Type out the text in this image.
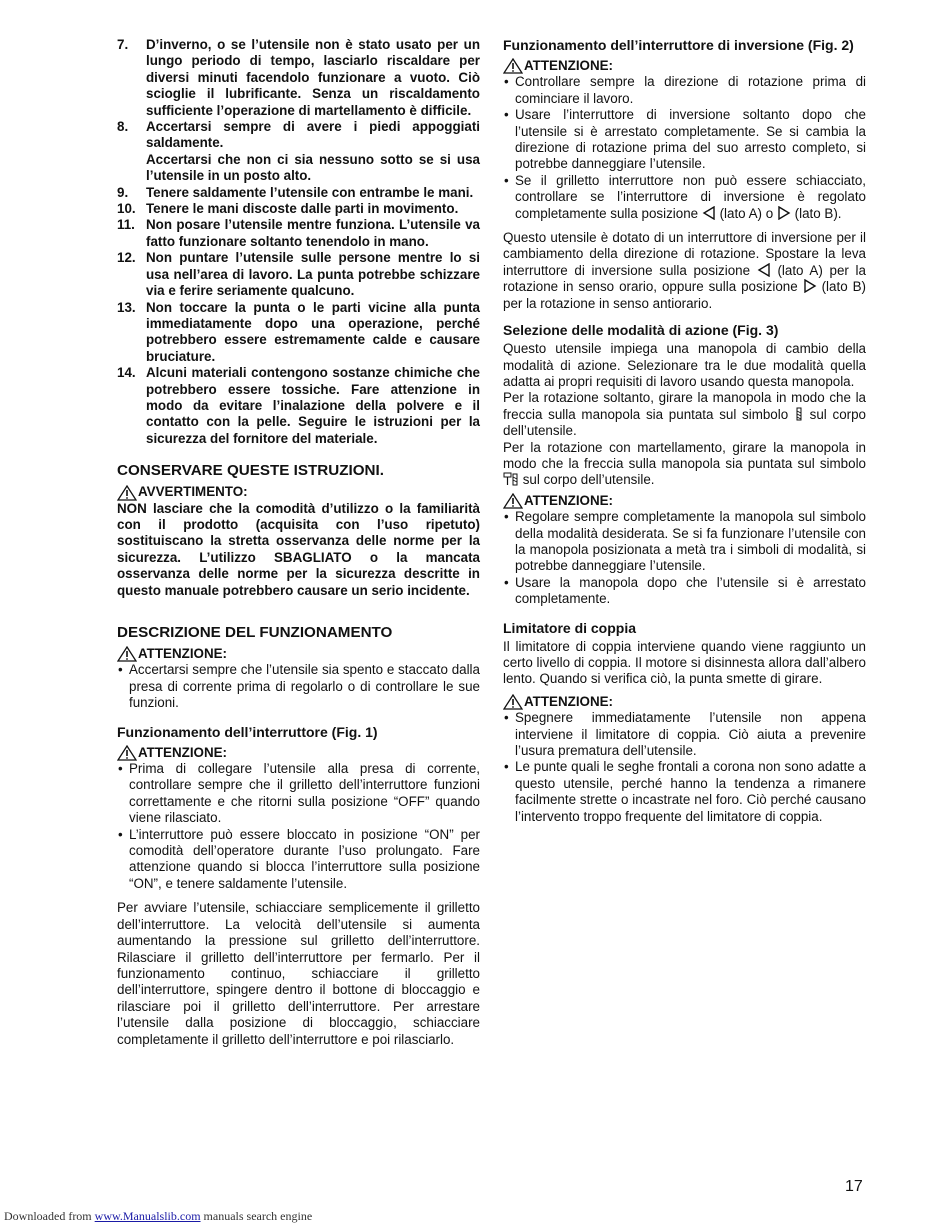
7. D’inverno, o se l’utensile non è stato usato per un lungo periodo di tempo, lasciarlo riscaldare per diversi minuti facendolo funzionare a vuoto. Ciò scioglie il lubrificante. Senza un riscaldamento sufficiente l’operazione di martellamento è difficile.
8. Accertarsi sempre di avere i piedi appoggiati saldamente.
Accertarsi che non ci sia nessuno sotto se si usa l’utensile in un posto alto.
9. Tenere saldamente l’utensile con entrambe le mani.
10. Tenere le mani discoste dalle parti in movimento.
11. Non posare l’utensile mentre funziona. L’utensile va fatto funzionare soltanto tenendolo in mano.
12. Non puntare l’utensile sulle persone mentre lo si usa nell’area di lavoro. La punta potrebbe schizzare via e ferire seriamente qualcuno.
13. Non toccare la punta o le parti vicine alla punta immediatamente dopo una operazione, perché potrebbero essere estremamente calde e causare bruciature.
14. Alcuni materiali contengono sostanze chimiche che potrebbero essere tossiche. Fare attenzione in modo da evitare l’inalazione della polvere e il contatto con la pelle. Seguire le istruzioni per la sicurezza del fornitore del materiale.
CONSERVARE QUESTE ISTRUZIONI.
AVVERTIMENTO:

NON lasciare che la comodità d’utilizzo o la familiarità con il prodotto (acquisita con l’uso ripetuto) sostituiscano la stretta osservanza delle norme per la sicurezza. L’utilizzo SBAGLIATO o la mancata osservanza delle norme per la sicurezza descritte in questo manuale potrebbero causare un serio incidente.

DESCRIZIONE DEL FUNZIONAMENTO
ATTENZIONE:
• Accertarsi sempre che l’utensile sia spento e staccato dalla presa di corrente prima di regolarlo o di controllare le sue funzioni.
Funzionamento dell’interruttore (Fig. 1)
ATTENZIONE:
• Prima di collegare l’utensile alla presa di corrente, controllare sempre che il grilletto dell’interruttore funzioni correttamente e che ritorni sulla posizione “OFF” quando viene rilasciato.
• L’interruttore può essere bloccato in posizione “ON” per comodità dell’operatore durante l’uso prolungato. Fare attenzione quando si blocca l’interruttore sulla posizione “ON”, e tenere saldamente l’utensile.

Per avviare l’utensile, schiacciare semplicemente il grilletto dell’interruttore. La velocità dell’utensile si aumenta aumentando la pressione sul grilletto dell’interruttore. Rilasciare il grilletto dell’interruttore per fermarlo. Per il funzionamento continuo, schiacciare il grilletto dell’interruttore, spingere dentro il bottone di bloccaggio e rilasciare poi il grilletto dell’interruttore. Per arrestare l’utensile dalla posizione di bloccaggio, schiacciare completamente il grilletto dell’interruttore e poi rilasciarlo.

Funzionamento dell’interruttore di inversione (Fig. 2)
ATTENZIONE:
• Controllare sempre la direzione di rotazione prima di cominciare il lavoro.
• Usare l’interruttore di inversione soltanto dopo che l’utensile si è arrestato completamente. Se si cambia la direzione di rotazione prima del suo arresto completo, si potrebbe danneggiare l’utensile.
• Se il grilletto interruttore non può essere schiacciato, controllare se l’interruttore di inversione è regolato completamente sulla posizione (lato A) o (lato B).

Questo utensile è dotato di un interruttore di inversione per il cambiamento della direzione di rotazione. Spostare la leva interruttore di inversione sulla posizione (lato A) per la rotazione in senso orario, oppure sulla posizione (lato B) per la rotazione in senso antiorario.

Selezione delle modalità di azione (Fig. 3)

Questo utensile impiega una manopola di cambio della modalità di azione. Selezionare tra le due modalità quella adatta ai propri requisiti di lavoro usando questa manopola.

Per la rotazione soltanto, girare la manopola in modo che la freccia sulla manopola sia puntata sul simbolo sul corpo dell’utensile.

Per la rotazione con martellamento, girare la manopola in modo che la freccia sulla manopola sia puntata sul simbolo  sul corpo dell’utensile.

ATTENZIONE:
• Regolare sempre completamente la manopola sul simbolo della modalità desiderata. Se si fa funzionare l’utensile con la manopola posizionata a metà tra i simboli di modalità, si potrebbe danneggiare l’utensile.
• Usare la manopola dopo che l’utensile si è arrestato completamente.
Limitatore di coppia

Il limitatore di coppia interviene quando viene raggiunto un certo livello di coppia. Il motore si disinnesta allora dall’albero lento. Quando si verifica ciò, la punta smette di girare.

ATTENZIONE:
• Spegnere immediatamente l’utensile non appena interviene il limitatore di coppia. Ciò aiuta a prevenire l’usura prematura dell’utensile.
• Le punte quali le seghe frontali a corona non sono adatte a questo utensile, perché hanno la tendenza a rimanere facilmente strette o incastrate nel foro. Ciò perché causano l’intervento troppo frequente del limitatore di coppia.
17
Downloaded from www.Manualslib.com manuals search engine
